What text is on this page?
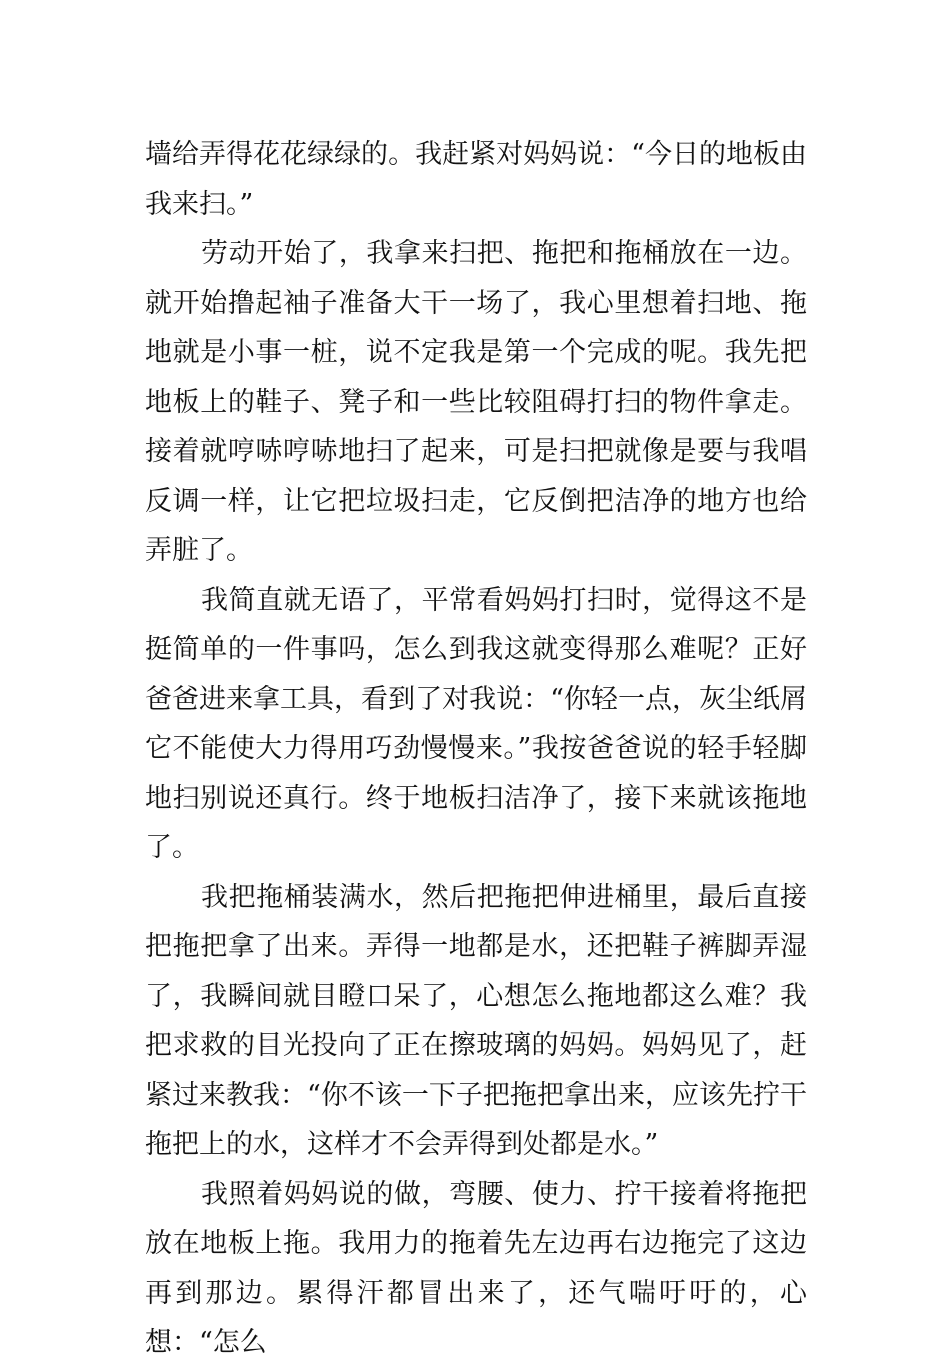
墙给弄得花花绿绿的。我赶紧对妈妈说：“今日的地板由我来扫。”

劳动开始了，我拿来扫把、拖把和拖桶放在一边。就开始撸起袖子准备大干一场了，我心里想着扫地、拖地就是小事一桩，说不定我是第一个完成的呢。我先把地板上的鞋子、凳子和一些比较阻碍打扫的物件拿走。接着就哼哧哼哧地扫了起来，可是扫把就像是要与我唱反调一样，让它把垃圾扫走，它反倒把洁净的地方也给弄脏了。

我简直就无语了，平常看妈妈打扫时，觉得这不是挺简单的一件事吗，怎么到我这就变得那么难呢？正好爸爸进来拿工具，看到了对我说：“你轻一点，灰尘纸屑它不能使大力得用巧劲慢慢来。”我按爸爸说的轻手轻脚地扫别说还真行。终于地板扫洁净了，接下来就该拖地了。

我把拖桶装满水，然后把拖把伸进桶里，最后直接把拖把拿了出来。弄得一地都是水，还把鞋子裤脚弄湿了，我瞬间就目瞪口呆了，心想怎么拖地都这么难？我把求救的目光投向了正在擦玻璃的妈妈。妈妈见了，赶紧过来教我：“你不该一下子把拖把拿出来，应该先拧干拖把上的水，这样才不会弄得到处都是水。”

我照着妈妈说的做，弯腰、使力、拧干接着将拖把放在地板上拖。我用力的拖着先左边再右边拖完了这边再到那边。累得汗都冒出来了，还气喘吁吁的，心想：“怎么
